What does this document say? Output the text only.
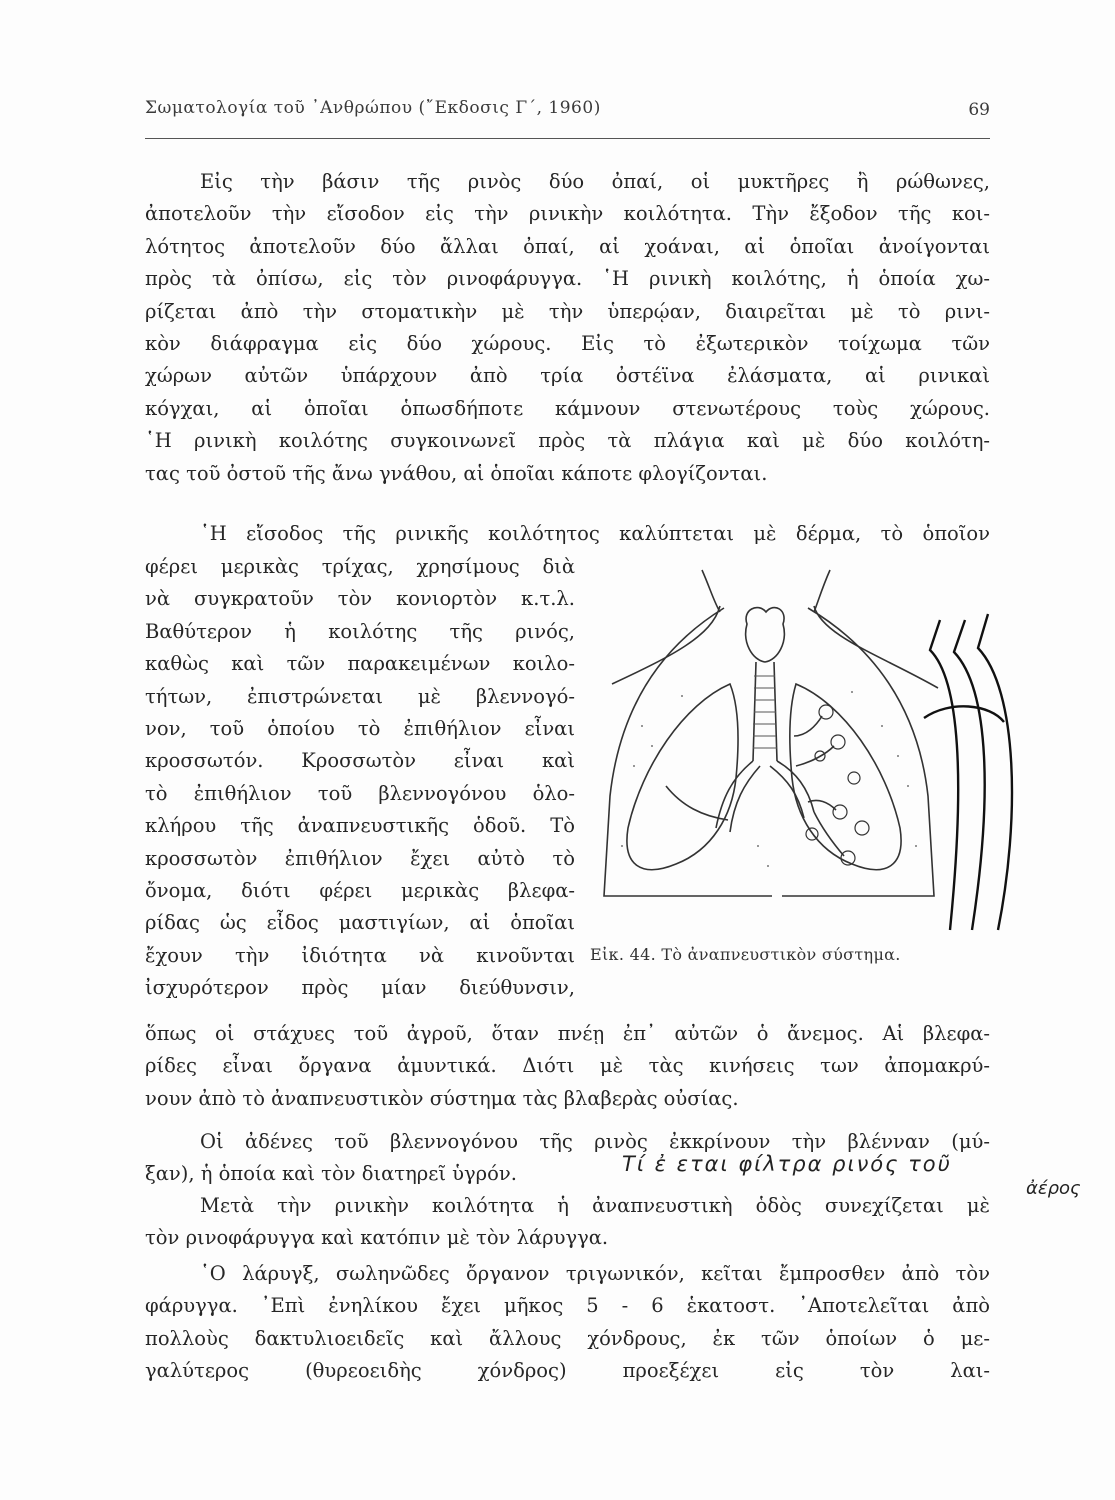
Σωματολογία τοῦ ᾿Ανθρώπου (῎Εκδοσις Γ΄, 1960)	69

Εἰς τὴν βάσιν τῆς ρινὸς δύο ὀπαί, οἱ μυκτῆρες ἢ ρώθωνες,

ἀποτελοῦν τὴν εἴσοδον εἰς τὴν ρινικὴν κοιλότητα. Τὴν ἔξοδον τῆς κοι-

λότητος ἀποτελοῦν δύο ἄλλαι ὀπαί, αἱ χοάναι, αἱ ὁποῖαι ἀνοίγονται

πρὸς τὰ ὀπίσω, εἰς τὸν ρινοφάρυγγα. ῾Η ρινικὴ κοιλότης, ἡ ὁποία χω-

ρίζεται ἀπὸ τὴν στοματικὴν μὲ τὴν ὑπερῴαν, διαιρεῖται μὲ τὸ ρινι-

κὸν διάφραγμα εἰς δύο χώρους. Εἰς τὸ ἐξωτερικὸν τοίχωμα τῶν

χώρων αὐτῶν ὑπάρχουν ἀπὸ τρία ὀστέϊνα ἐλάσματα, αἱ ρινικαὶ

κόγχαι, αἱ ὁποῖαι ὁπωσδήποτε κάμνουν στενωτέρους τοὺς χώρους.

῾Η ρινικὴ κοιλότης συγκοινωνεῖ πρὸς τὰ πλάγια καὶ μὲ δύο κοιλότη-

τας τοῦ ὀστοῦ τῆς ἄνω γνάθου, αἱ ὁποῖαι κάποτε φλογίζονται.

῾Η εἴσοδος τῆς ρινικῆς κοιλότητος καλύπτεται μὲ δέρμα, τὸ ὁποῖον

φέρει μερικὰς τρίχας, χρησίμους διὰ

νὰ συγκρατοῦν τὸν κονιορτὸν κ.τ.λ.

Βαθύτερον ἡ κοιλότης τῆς ρινός,

καθὼς καὶ τῶν παρακειμένων κοιλο-

τήτων, ἐπιστρώνεται μὲ βλεννογό-

νον, τοῦ ὁποίου τὸ ἐπιθήλιον εἶναι

κροσσωτόν. Κροσσωτὸν εἶναι καὶ

τὸ ἐπιθήλιον τοῦ βλεννογόνου ὁλο-

κλήρου τῆς ἀναπνευστικῆς ὁδοῦ. Τὸ

κροσσωτὸν ἐπιθήλιον ἔχει αὐτὸ τὸ

ὄνομα, διότι φέρει μερικὰς βλεφα-

ρίδας ὡς εἶδος μαστιγίων, αἱ ὁποῖαι

ἔχουν τὴν ἰδιότητα νὰ κινοῦνται

ἰσχυρότερον πρὸς μίαν διεύθυνσιν,

Εἰκ. 44. Τὸ ἀναπνευστικὸν σύστημα.

ὅπως οἱ στάχυες τοῦ ἀγροῦ, ὅταν πνέῃ ἐπ᾿ αὐτῶν ὁ ἄνεμος. Αἱ βλεφα-

ρίδες εἶναι ὄργανα ἀμυντικά. Διότι μὲ τὰς κινήσεις των ἀπομακρύ-

νουν ἀπὸ τὸ ἀναπνευστικὸν σύστημα τὰς βλαβερὰς οὐσίας.

Οἱ ἀδένες τοῦ βλεννογόνου τῆς ρινὸς ἐκκρίνουν τὴν βλένναν (μύ-

ξαν), ἡ ὁποία καὶ τὸν διατηρεῖ ὑγρόν.	Τί ἐ εται φίλτρα ρινός τοῦ
ἀέρος

Μετὰ τὴν ρινικὴν κοιλότητα ἡ ἀναπνευστικὴ ὁδὸς συνεχίζεται μὲ

τὸν ρινοφάρυγγα καὶ κατόπιν μὲ τὸν λάρυγγα.

῾Ο λάρυγξ, σωληνῶδες ὄργανον τριγωνικόν, κεῖται ἔμπροσθεν ἀπὸ τὸν

φάρυγγα. ᾿Επὶ ἐνηλίκου ἔχει μῆκος 5 - 6 ἑκατοστ. ᾿Αποτελεῖται ἀπὸ

πολλοὺς δακτυλιοειδεῖς καὶ ἄλλους χόνδρους, ἐκ τῶν ὁποίων ὁ με-

γαλύτερος (θυρεοειδὴς χόνδρος) προεξέχει εἰς τὸν λαι-
